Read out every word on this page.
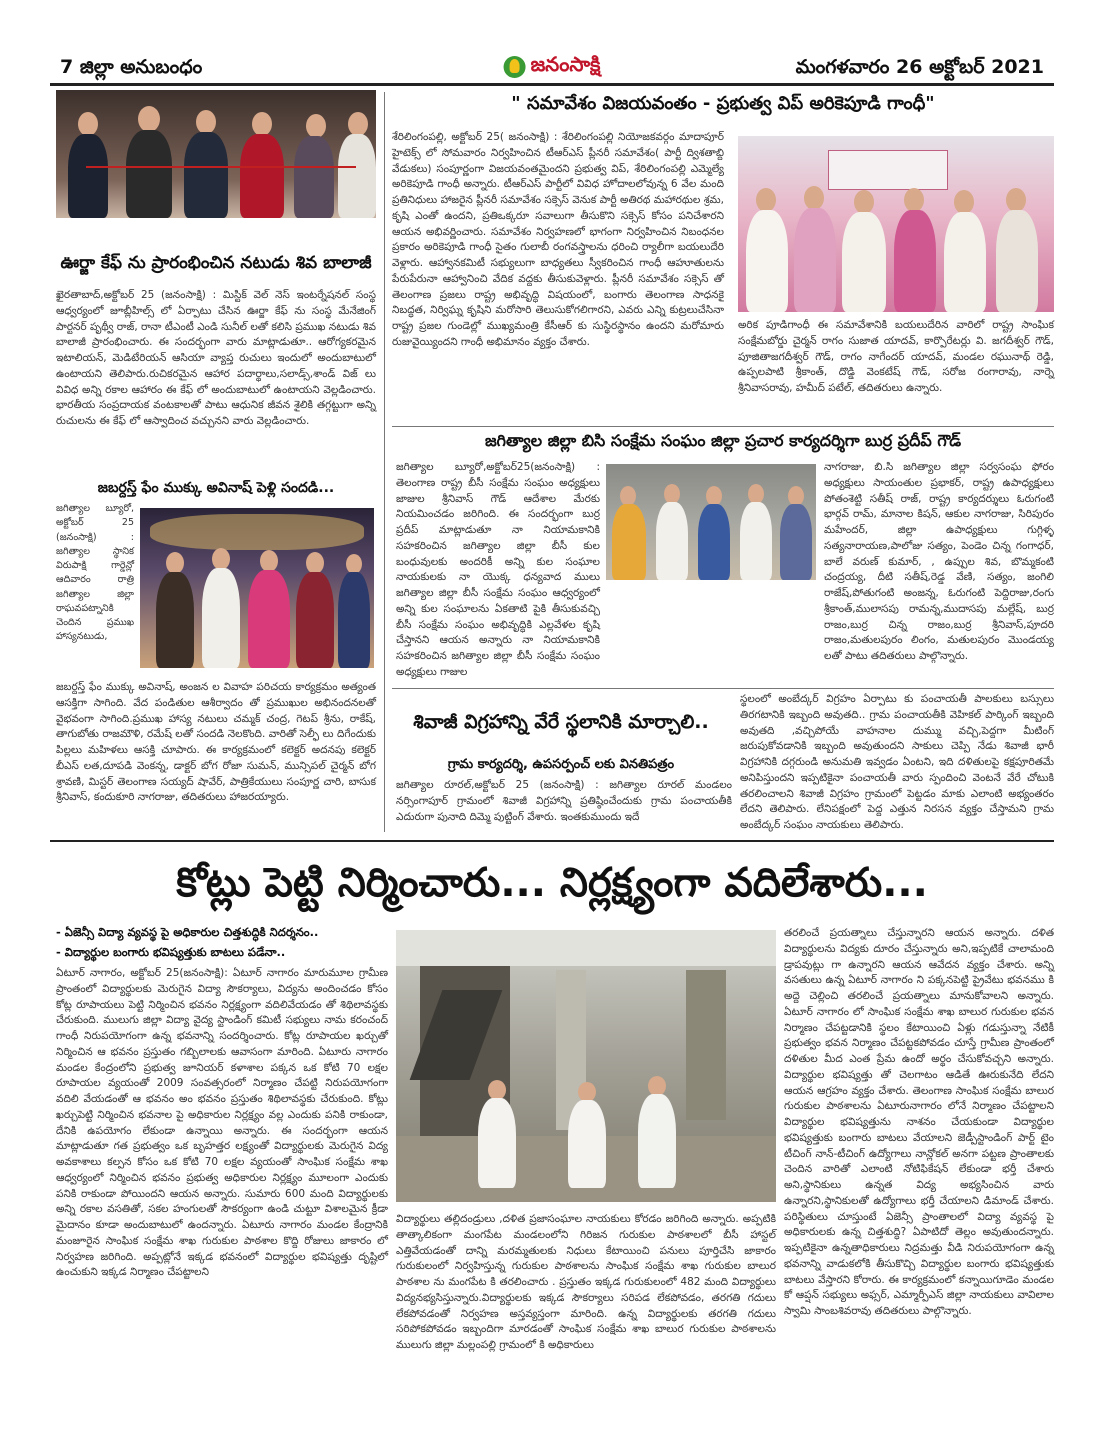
7 జిల్లా అనుబంధం	జనంసాక్షి	మంగళవారం 26 అక్టోబర్ 2021
ఊర్జా కేఫ్ ను ప్రారంభించిన నటుడు శివ బాలాజీ
ఖైరతాబాద్,అక్టోబర్ 25 (జనంసాక్షి) : మిస్టిక్ వెల్ నెస్ ఇంటర్నేషనల్ సంస్థ ఆధ్వర్యంలో జూబ్లీహిల్స్ లో ఏర్పాటు చేసిన ఊర్జా కేఫ్ ను సంస్థ మేనేజింగ్ పార్టనర్ పృథ్వీ రాజ్, రానా టీఎంటీ ఎండి సునీల్ లతో కలిసి ప్రముఖ నటుడు శివ బాలాజీ ప్రారంభించారు. ఈ సందర్భంగా వారు మాట్లాడుతూ.. ఆరోగ్యకరమైన ఇటాలియన్, మెడిటేరియన్ ఆసియా వ్యాప్త రుచులు ఇందులో అందుబాటులో ఉంటాయని తెలిపారు.రుచికరమైన ఆహార పదార్థాలు,సలాడ్స్,శాండ్ విజ్ లు వివిధ అన్ని రకాల ఆహారం ఈ కేఫ్ లో అందుబాటులో ఉంటాయని వెల్లడించారు. భారతీయ సంప్రదాయక వంటకాలతో పాటు ఆధునిక జీవన శైలికి తగ్గట్టుగా అన్ని రుచులను ఈ కేఫ్ లో ఆస్వాదించ వచ్చునని వారు వెల్లడించారు.
జబర్దస్త్ ఫేం ముక్కు అవినాష్ పెళ్లి సందడి...
జగిత్యాల బ్యూరో, అక్టోబర్ 25 (జనంసాక్షి) : జగిత్యాల స్థానిక విరుపాక్షి గార్డెన్లో ఆదివారం రాత్రి జగిత్యాల జిల్లా రాఘవపట్నానికి చెందిన ప్రముఖ హాస్యనటుడు,
జబర్దస్త్ ఫేం ముక్కు అవినాష్, అంజన ల వివాహ పరిచయ కార్యక్రమం అత్యంత ఆసక్తిగా సాగింది. వేద పండితుల ఆశీర్వాదం తో ప్రముఖుల అభినందనలతో వైభవంగా సాగింది.ప్రముఖ హాస్య నటులు చమ్మక్ చంద్ర, గెటప్ శ్రీను, రాకేష్, తాగుబోతు రాజమౌళి, రమేష్ లతో సందడి నెలకొంది. వారితో సెల్ఫీ లు దిగేందుకు పిల్లలు మహిళలు ఆసక్తి చూపారు. ఈ కార్యక్రమంలో కలెక్టర్ అదనపు కలెక్టర్ బీఎస్ లత,దూపడి వెంకన్న, డాక్టర్ బోగ రోజా సుమన్, మున్సిపల్ చైర్మన్ బోగ శ్రావణి, మిస్టర్ తెలంగాణ సయ్యద్ షావేర్, పాత్రికేయులు సంపూర్ణ చారి, బాసుక శ్రీనివాస్, కందుకూరి నాగరాజు, తదితరులు హాజరయ్యారు.
" సమావేశం విజయవంతం - ప్రభుత్వ విప్ అరికెపూడి గాంధీ"
శేరిలింగంపల్లి, అక్టోబర్ 25( జనంసాక్షి) : శేరిలింగంపల్లి నియోజకవర్గం మాదాపూర్ హైటెక్స్ లో సోమవారం నిర్వహించిన టీఆర్ఎస్ ప్లీనరీ సమావేశం( పార్టీ ద్విశతాబ్ది వేడుకలు) సంపూర్ణంగా విజయవంతమైందని ప్రభుత్వ విప్, శేరిలింగంపల్లి ఎమ్మెల్యే అరికెపూడి గాంధీ అన్నారు. టీఆర్ఎస్ పార్టీలో వివిధ హోదాలలోవున్న 6 వేల మంది ప్రతినిధులు హాజరైన ప్లీనరీ సమావేశం సక్సెస్ వెనుక పార్టీ అతిరథ మహారథుల శ్రమ, కృషి ఎంతో ఉందని, ప్రతిఒక్కరూ సవాలుగా తీసుకొని సక్సెస్ కోసం పనిచేశారని ఆయన అభివర్ణించారు. సమావేశం నిర్వహణలో భాగంగా నిర్వహించిన నిబంధనల ప్రకారం అరికెపూడి గాంధీ సైతం గులాబీ రంగవస్త్రాలను ధరించి ర్యాలీగా బయలుదేరి వెళ్లారు. ఆహ్వానకమిటీ సభ్యులుగా బాధ్యతలు స్వీకరించిన గాంధీ ఆహూతులను పేరుపేరునా ఆహ్వానించి వేదిక వద్దకు తీసుకువెళ్లారు. ప్లీనరీ సమావేశం సక్సెస్ తో తెలంగాణ ప్రజలు రాష్ట్ర అభివృద్ధి విషయంలో, బంగారు తెలంగాణ సాధనకై నిబద్ధత, నిర్విఘ్న కృషిని మరోసారి తెలుసుకోగలిగారని, ఎవరు ఎన్ని కుట్రలుచేసినా రాష్ట్ర ప్రజల గుండెల్లో ముఖ్యమంత్రి కేసీఆర్ కు సుస్థిరస్థానం ఉందని మరోమారు రుజువైయ్యిందని గాంధీ అభిమానం వ్యక్తం చేశారు.
అరిక పూడిగాంధీ ఈ సమావేశానికి బయలుదేరిన వారిలో రాష్ట్ర సాంఘిక సంక్షేమబోర్డు చైర్మన్ రాగం సుజాత యాదవ్, కార్పొరేటర్లు వి. జగదీశ్వర్ గౌడ్, పూజితాజగదీశ్వర్ గౌడ్, రాగం నాగేందర్ యాదవ్, మండల రఘునాథ్ రెడ్డి, ఉప్పలపాటి శ్రీకాంత్, దొడ్డి వెంకటేష్ గౌడ్, సరోజ రంగారావు, నార్నె శ్రీనివాసరావు, హమీద్ పటేల్, తదితరులు ఉన్నారు.
జగిత్యాల జిల్లా బిసి సంక్షేమ సంఘం జిల్లా ప్రచార కార్యదర్శిగా బుర్ర ప్రదీప్ గౌడ్
జగిత్యాల బ్యూరో,అక్టోబర్25(జనంసాక్షి) : తెలంగాణ రాష్ట్ర బీసీ సంక్షేమ సంఘం అధ్యక్షులు జాజుల శ్రీనివాస్ గౌడ్ ఆదేశాల మేరకు నియమించడం జరిగింది. ఈ సందర్భంగా బుర్ర ప్రదీప్ మాట్లాడుతూ నా నియామకానికి సహకరించిన జగిత్యాల జిల్లా బీసీ కుల బంధువులకు అందరికీ అన్ని కుల సంఘాల నాయకులకు నా యొక్క ధన్యవాద ములు జగిత్యాల జిల్లా బీసీ సంక్షేమ సంఘం ఆధ్వర్యంలో అన్ని కుల సంఘాలను ఏకతాటి పైకి తీసుకువచ్చి బీసీ సంక్షేమ సంఘం అభివృద్ధికి ఎల్లవేళల కృషి చేస్తానని ఆయన అన్నారు నా నియామకానికి సహకరించిన జగిత్యాల జిల్లా బీసీ సంక్షేమ సంఘం అధ్యక్షులు గాజుల
నాగరాజు, బి.సి జగిత్యాల జిల్లా సర్వసంఘ ఫోరం అధ్యక్షులు సాయంతుల ప్రభాకర్, రాష్ట్ర ఉపాధ్యక్షులు పోతంశెట్టి సతీష్ రాజ్, రాష్ట్ర కార్యదర్శులు ఓరుగంటి భార్గవ్ రామ్, మానాల కిషన్, ఆకుల నాగరాజు, సిరిపురం మహేందర్, జిల్లా ఉపాధ్యక్షులు గుగ్గిళ్ళ సత్యనారాయణ,పాలోజు సత్యం, పెండెం చిన్న గంగాధర్, బాలే వరుణ్ కుమార్, , ఉప్పుల శివ, బొమ్మకంటి చంద్రయ్య, దీటి సతీష్,రెడ్డ వేణి, సత్యం, జంగిలి రాజేష్,పోతుగంటి అంజన్న, ఓరుగంటి పెద్దిరాజు,రంగు శ్రీకాంత్,ములాసపు రామన్న,ముదాసపు మల్లేష్, బుర్ర రాజం,బుర్ర చిన్న రాజం,బుర్ర శ్రీనివాస్,పూదరి రాజం,మతులపురం లింగం, మతులపురం మొండయ్య లతో పాటు తదితరులు పాల్గొన్నారు.
శివాజీ విగ్రహాన్ని వేరే స్థలానికి మార్చాలి..
గ్రామ కార్యదర్శి, ఉపసర్పంచ్ లకు వినతిపత్రం
జగిత్యాల రూరల్,అక్టోబర్ 25 (జనంసాక్షి) : జగిత్యాల రూరల్ మండలం నర్సింగాపూర్ గ్రామంలో శివాజీ విగ్రహాన్ని ప్రతిష్ఠించేందుకు గ్రామ పంచాయతీకి ఎదురుగా పునాది దిమ్మె పుట్టింగ్ వేశారు. ఇంతకుముందు ఇదే
స్థలంలో అంబేద్కర్ విగ్రహం ఏర్పాటు కు పంచాయతీ పాలకులు బస్సులు తిరగటానికి ఇబ్బంది అవుతది.. గ్రామ పంచాయతీకి వెహికల్ పార్కింగ్ ఇబ్బంది అవుతది ,వచ్చిపోయే వాహనాల దుమ్ము వచ్చి,పెద్దగా మీటింగ్ జరుపుకోవడానికి ఇబ్బంది అవుతుందని సాకులు చెప్పి నేడు శివాజీ భారీ విగ్రహానికి దగ్గరుండి అనుమతి ఇవ్వడం ఏంటని, ఇది దళితులపై కక్షపూరితమే అనిపిస్తుందని ఇప్పటికైనా పంచాయతీ వారు స్పందించి వెంటనే వేరే చోటుకి తరలించాలని శివాజీ విగ్రహం గ్రామంలో పెట్టడం మాకు ఎలాంటి అభ్యంతరం లేదని తెలిపారు. లేనిపక్షంలో పెద్ద ఎత్తున నిరసన వ్యక్తం చేస్తామని గ్రామ అంబేద్కర్ సంఘం నాయకులు తెలిపారు.
కోట్లు పెట్టి నిర్మించారు... నిర్లక్ష్యంగా వదిలేశారు...
- ఏజెన్సీ విద్యా వ్యవస్థ పై అధికారుల చిత్తశుద్ధికి నిదర్శనం..
- విద్యార్థుల బంగారు భవిష్యత్తుకు బాటలు పడేనా..
ఏటూర్ నాగారం, అక్టోబర్ 25(జనంసాక్షి): ఏటూర్ నాగారం మారుమూల గ్రామీణ ప్రాంతంలో విద్యార్థులకు మెరుగైన విద్యా సౌకర్యాలు, విద్యను అందించడం కోసం కోట్ల రూపాయలు పెట్టి నిర్మించిన భవనం నిర్లక్ష్యంగా వదిలివేయడం తో శిథిలావస్థకు చేరుకుంది. ములుగు జిల్లా విద్యా వైద్య స్టాండింగ్ కమిటీ సభ్యులు నామ కరంచంద్ గాంధీ నిరుపయోగంగా ఉన్న భవనాన్ని సందర్శించారు. కోట్ల రూపాయల ఖర్చుతో నిర్మించిన ఆ భవనం ప్రస్తుతం గబ్బిలాలకు ఆవాసంగా మారింది. ఏటూరు నాగారం మండల కేంద్రంలోని ప్రభుత్వ జూనియర్ కళాశాల పక్కన ఒక కోటి 70 లక్షల రూపాయల వ్యయంతో 2009 సంవత్సరంలో నిర్మాణం చేపట్టి నిరుపయోగంగా వదిలి వేయడంతో ఆ భవనం అం భవనం ప్రస్తుతం శిథిలావస్థకు చేరుకుంది. కోట్లు ఖర్చుపెట్టి నిర్మించిన భవనాల పై అధికారుల నిర్లక్ష్యం వల్ల ఎందుకు పనికి రాకుండా, దేనికి ఉపయోగం లేకుండా ఉన్నాయి అన్నారు. ఈ సందర్భంగా ఆయన మాట్లాడుతూ గత ప్రభుత్వం ఒక బృహత్తర లక్ష్యంతో విద్యార్థులకు మెరుగైన విద్య అవకాశాలు కల్పన కోసం ఒక కోటి 70 లక్షల వ్యయంతో సాంఘిక సంక్షేమ శాఖ ఆధ్వర్యంలో నిర్మించిన భవనం ప్రభుత్వ అధికారుల నిర్లక్ష్యం మూలంగా ఎందుకు పనికి రాకుండా పోయిందని ఆయన అన్నారు. సుమారు 600 మంది విద్యార్థులకు అన్ని రకాల వసతితో, సకల హంగులతో సౌకర్యంగా ఉండి చుట్టూ విశాలమైన క్రీడా మైదానం కూడా అందుబాటులో ఉందన్నారు. ఏటూరు నాగారం మండల కేంద్రానికి మంజూరైన సాంఘిక సంక్షేమ శాఖ గురుకుల పాఠశాల కొద్ది రోజులు జాకారం లో నిర్వహణ జరిగింది. అప్పట్లోనే ఇక్కడ భవనంలో విద్యార్థుల భవిష్యత్తు దృష్టిలో ఉంచుకుని ఇక్కడ నిర్మాణం చేపట్టాలని
విద్యార్థులు తల్లిదండ్రులు ,దళిత ప్రజాసంఘాల నాయకులు కోరడం జరిగింది అన్నారు. అప్పటికి తాత్కాలికంగా మంగపేట మండలంలోని గిరిజన గురుకుల పాఠశాలలో బీసీ హాస్టల్ ఎత్తివేయడంతో దాన్ని మరమ్మతులకు నిధులు కేటాయించి పనులు పూర్తిచేసి జాకారం గురుకులంలో నిర్వహిస్తున్న గురుకుల పాఠశాలను సాంఘిక సంక్షేమ శాఖ గురుకుల బాలుర పాఠశాల ను మంగపేట కి తరలించారు . ప్రస్తుతం ఇక్కడ గురుకులంలో 482 మంది విద్యార్థులు విద్యనభ్యసిస్తున్నారు.విద్యార్థులకు ఇక్కడ సౌకర్యాలు సరిపడ లేకపోవడం, తరగతి గదులు లేకపోవడంతో నిర్వహణ అస్తవ్యస్తంగా మారింది. ఉన్న విద్యార్థులకు తరగతి గదులు సరిపోకపోవడం ఇబ్బందిగా మారడంతో సాంఘిక సంక్షేమ శాఖ బాలుర గురుకుల పాఠశాలను ములుగు జిల్లా మల్లంపల్లి గ్రామంలో కి అధికారులు
తరలించే ప్రయత్నాలు చేస్తున్నారని ఆయన అన్నారు. దళిత విద్యార్థులను విద్యకు దూరం చేస్తున్నారు అని,ఇప్పటికే చాలామంది డ్రాపవుట్లు గా ఉన్నారని ఆయన ఆవేదన వ్యక్తం చేశారు. అన్ని వసతులు ఉన్న ఏటూర్ నాగారం ని పక్కనపెట్టి ప్రైవేటు భవనము కి అద్దె చెల్లించి తరలించే ప్రయత్నాలు మానుకోవాలని అన్నారు. ఏటూర్ నాగారం లో సాంఘిక సంక్షేమ శాఖ బాలుర గురుకుల భవన నిర్మాణం చేపట్టడానికి స్థలం కేటాయించి ఏళ్లు గడుస్తున్నా నేటికీ ప్రభుత్వం భవన నిర్మాణం చేపట్టకపోవడం చూస్తే గ్రామీణ ప్రాంతంలో దళితుల మీద ఎంత ప్రేమ ఉందో అర్థం చేసుకోవచ్చని అన్నారు. విద్యార్థుల భవిష్యత్తు తో చెలగాటం ఆడితే ఊరుకునేది లేదని ఆయన ఆగ్రహం వ్యక్తం చేశారు. తెలంగాణ సాంఘిక సంక్షేమ బాలుర గురుకుల పాఠశాలను ఏటూరునాగారం లోనే నిర్మాణం చేపట్టాలని విద్యార్థుల భవిష్యత్తును నాశనం చేయకుండా విద్యార్థుల భవిష్యత్తుకు బంగారు బాటలు వేయాలని జెడ్పీస్టాండింగ్ పార్ట్ టైం టీచింగ్ నాన్-టీచింగ్ ఉద్యోగాలు నాన్లోకల్ అనగా పట్టణ ప్రాంతాలకు చెందిన వారితో ఎలాంటి నోటిఫికేషన్ లేకుండా భర్తీ చేశారు అని,స్థానికులు ఉన్నత విద్య అభ్యసించిన వారు ఉన్నారని,స్థానికులతో ఉద్యోగాలు భర్తీ చేయాలని డిమాండ్ చేశారు. పరిస్థితులు చూస్తుంటే ఏజెన్సీ ప్రాంతాలలో విద్యా వ్యవస్థ పై అధికారులకు ఉన్న చిత్తశుద్ధి? ఏపాటిదో తెల్లం అవుతుందన్నారు. ఇప్పటికైనా ఉన్నతాధికారులు నిద్రమత్తు వీడి నిరుపయోగంగా ఉన్న భవనాన్ని వాడుకలోకి తీసుకొచ్చి విద్యార్థుల బంగారు భవిష్యత్తుకు బాటలు వేస్తారని కోరారు. ఈ కార్యక్రమంలో కన్నాయిగూడెం మండల కో ఆప్షన్ సభ్యులు అఫ్సర్, ఎమ్మార్పీఎస్ జిల్లా నాయకులు వావిలాల స్వామి సాంబశివరావు తదితరులు పాల్గొన్నారు.
